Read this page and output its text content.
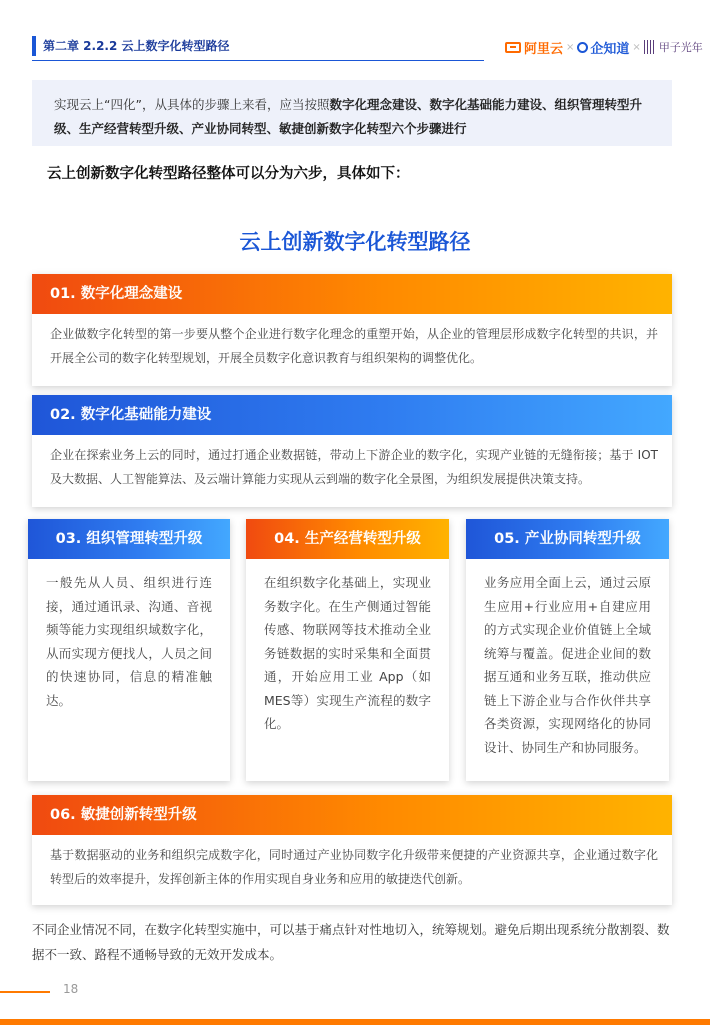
第二章 2.2.2 云上数字化转型路径	阿里云 × 企知道 × 甲子光年
实现云上“四化”，从具体的步骤上来看，应当按照数字化理念建设、数字化基础能力建设、组织管理转型升级、生产经营转型升级、产业协同转型、敏捷创新数字化转型六个步骤进行
云上创新数字化转型路径整体可以分为六步，具体如下：
云上创新数字化转型路径
01. 数字化理念建设
企业做数字化转型的第一步要从整个企业进行数字化理念的重塑开始，从企业的管理层形成数字化转型的共识，并开展全公司的数字化转型规划，开展全员数字化意识教育与组织架构的调整优化。
02. 数字化基础能力建设
企业在探索业务上云的同时，通过打通企业数据链，带动上下游企业的数字化，实现产业链的无缝衔接；基于 IOT 及大数据、人工智能算法、及云端计算能力实现从云到端的数字化全景图，为组织发展提供决策支持。
03. 组织管理转型升级
一般先从人员、组织进行连接，通过通讯录、沟通、音视频等能力实现组织域数字化，从而实现方便找人，人员之间的快速协同，信息的精准触达。
04. 生产经营转型升级
在组织数字化基础上，实现业务数字化。在生产侧通过智能传感、物联网等技术推动全业务链数据的实时采集和全面贯通，开始应用工业 App（如MES等）实现生产流程的数字化。
05. 产业协同转型升级
业务应用全面上云，通过云原生应用+行业应用+自建应用的方式实现企业价值链上全域统筹与覆盖。促进企业间的数据互通和业务互联，推动供应链上下游企业与合作伙伴共享各类资源，实现网络化的协同设计、协同生产和协同服务。
06. 敏捷创新转型升级
基于数据驱动的业务和组织完成数字化，同时通过产业协同数字化升级带来便捷的产业资源共享，企业通过数字化转型后的效率提升，发挥创新主体的作用实现自身业务和应用的敏捷迭代创新。
不同企业情况不同，在数字化转型实施中，可以基于痛点针对性地切入，统筹规划。避免后期出现系统分散割裂、数据不一致、路程不通畅导致的无效开发成本。
18
